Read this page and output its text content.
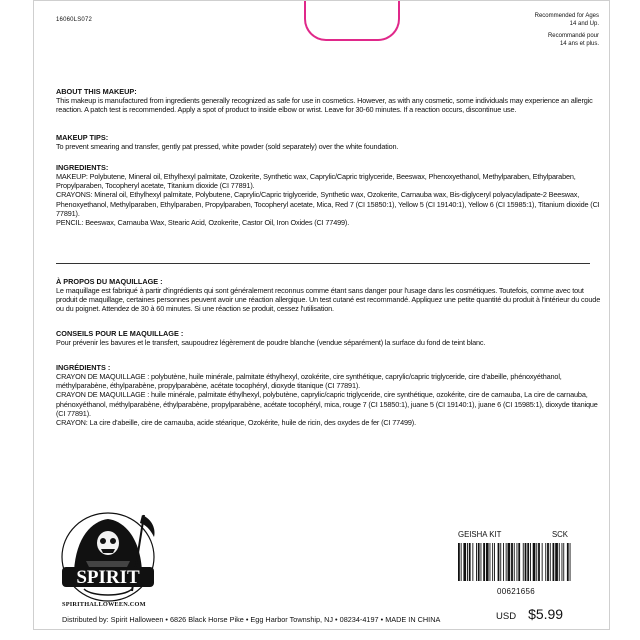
16060LS072
Recommended for Ages
14 and Up.
Recommandé pour
14 ans et plus.

ABOUT THIS MAKEUP:

This makeup is manufactured from ingredients generally recognized as safe for use in cosmetics. However, as with any cosmetic, some individuals may experience an allergic reaction. A patch test is recommended. Apply a spot of product to inside elbow or wrist. Leave for 30-60 minutes. If a reaction occurs, discontinue use.

MAKEUP TIPS:

To prevent smearing and transfer, gently pat pressed, white powder (sold separately) over the white foundation.

INGREDIENTS:

MAKEUP: Polybutene, Mineral oil, Ethylhexyl palmitate, Ozokerite, Synthetic wax, Caprylic/Capric triglyceride, Beeswax, Phenoxyethanol, Methylparaben, Ethylparaben, Propylparaben, Tocopheryl acetate, Titanium dioxide (CI 77891).

CRAYONS: Mineral oil, Ethylhexyl palmitate, Polybutene, Caprylic/Capric triglyceride, Synthetic wax, Ozokerite, Carnauba wax, Bis-diglyceryl polyacyladipate-2 Beeswax, Phenoxyethanol, Methylparaben, Ethylparaben, Propylparaben, Tocopheryl acetate, Mica, Red 7 (CI 15850:1), Yellow 5 (CI 19140:1), Yellow 6 (CI 15985:1), Titanium dioxide (CI 77891).

PENCIL: Beeswax, Carnauba Wax, Stearic Acid, Ozokerite, Castor Oil, Iron Oxides (CI 77499).

À PROPOS DU MAQUILLAGE :

Le maquillage est fabriqué à partir d'ingrédients qui sont généralement reconnus comme étant sans danger pour l'usage dans les cosmétiques. Toutefois, comme avec tout produit de maquillage, certaines personnes peuvent avoir une réaction allergique. Un test cutané est recommandé. Appliquez une petite quantité du produit à l'intérieur du coude ou du poignet. Attendez de 30 à 60 minutes. Si une réaction se produit, cessez l'utilisation.

CONSEILS POUR LE MAQUILLAGE :

Pour prévenir les bavures et le transfert, saupoudrez légèrement de poudre blanche (vendue séparément) la surface du fond de teint blanc.

INGRÉDIENTS :

CRAYON DE MAQUILLAGE : polybutène, huile minérale, palmitate éthylhexyl, ozokérite, cire synthétique, caprylic/capric triglyceride, cire d'abeille, phénoxyéthanol, méthylparabène, éthylparabène, propylparabène, acétate tocophéryl, dioxyde titanique (CI 77891).

CRAYON DE MAQUILLAGE : huile minérale, palmitate éthylhexyl, polybutène, caprylic/capric triglyceride, cire synthétique, ozokérite, cire de carnauba, La cire de carnauba, phénoxyéthanol, méthylparabène, éthylparabène, propylparabène, acétate tocophéryl, mica, rouge 7 (CI 15850:1), juane 5 (CI 19140:1), juane 6 (CI 15985:1), dioxyde titanique (CI 77891).

CRAYON: La cire d'abeille, cire de carnauba, acide stéarique, Ozokérite, huile de ricin, des oxydes de fer (CI 77499).

SPIRIT
SPIRITHALLOWEEN.COM
Distributed by: Spirit Halloween • 6826 Black Horse Pike • Egg Harbor Township, NJ • 08234-4197 • MADE IN CHINA
GEISHA KIT	SCK
00621656
USD $5.99
